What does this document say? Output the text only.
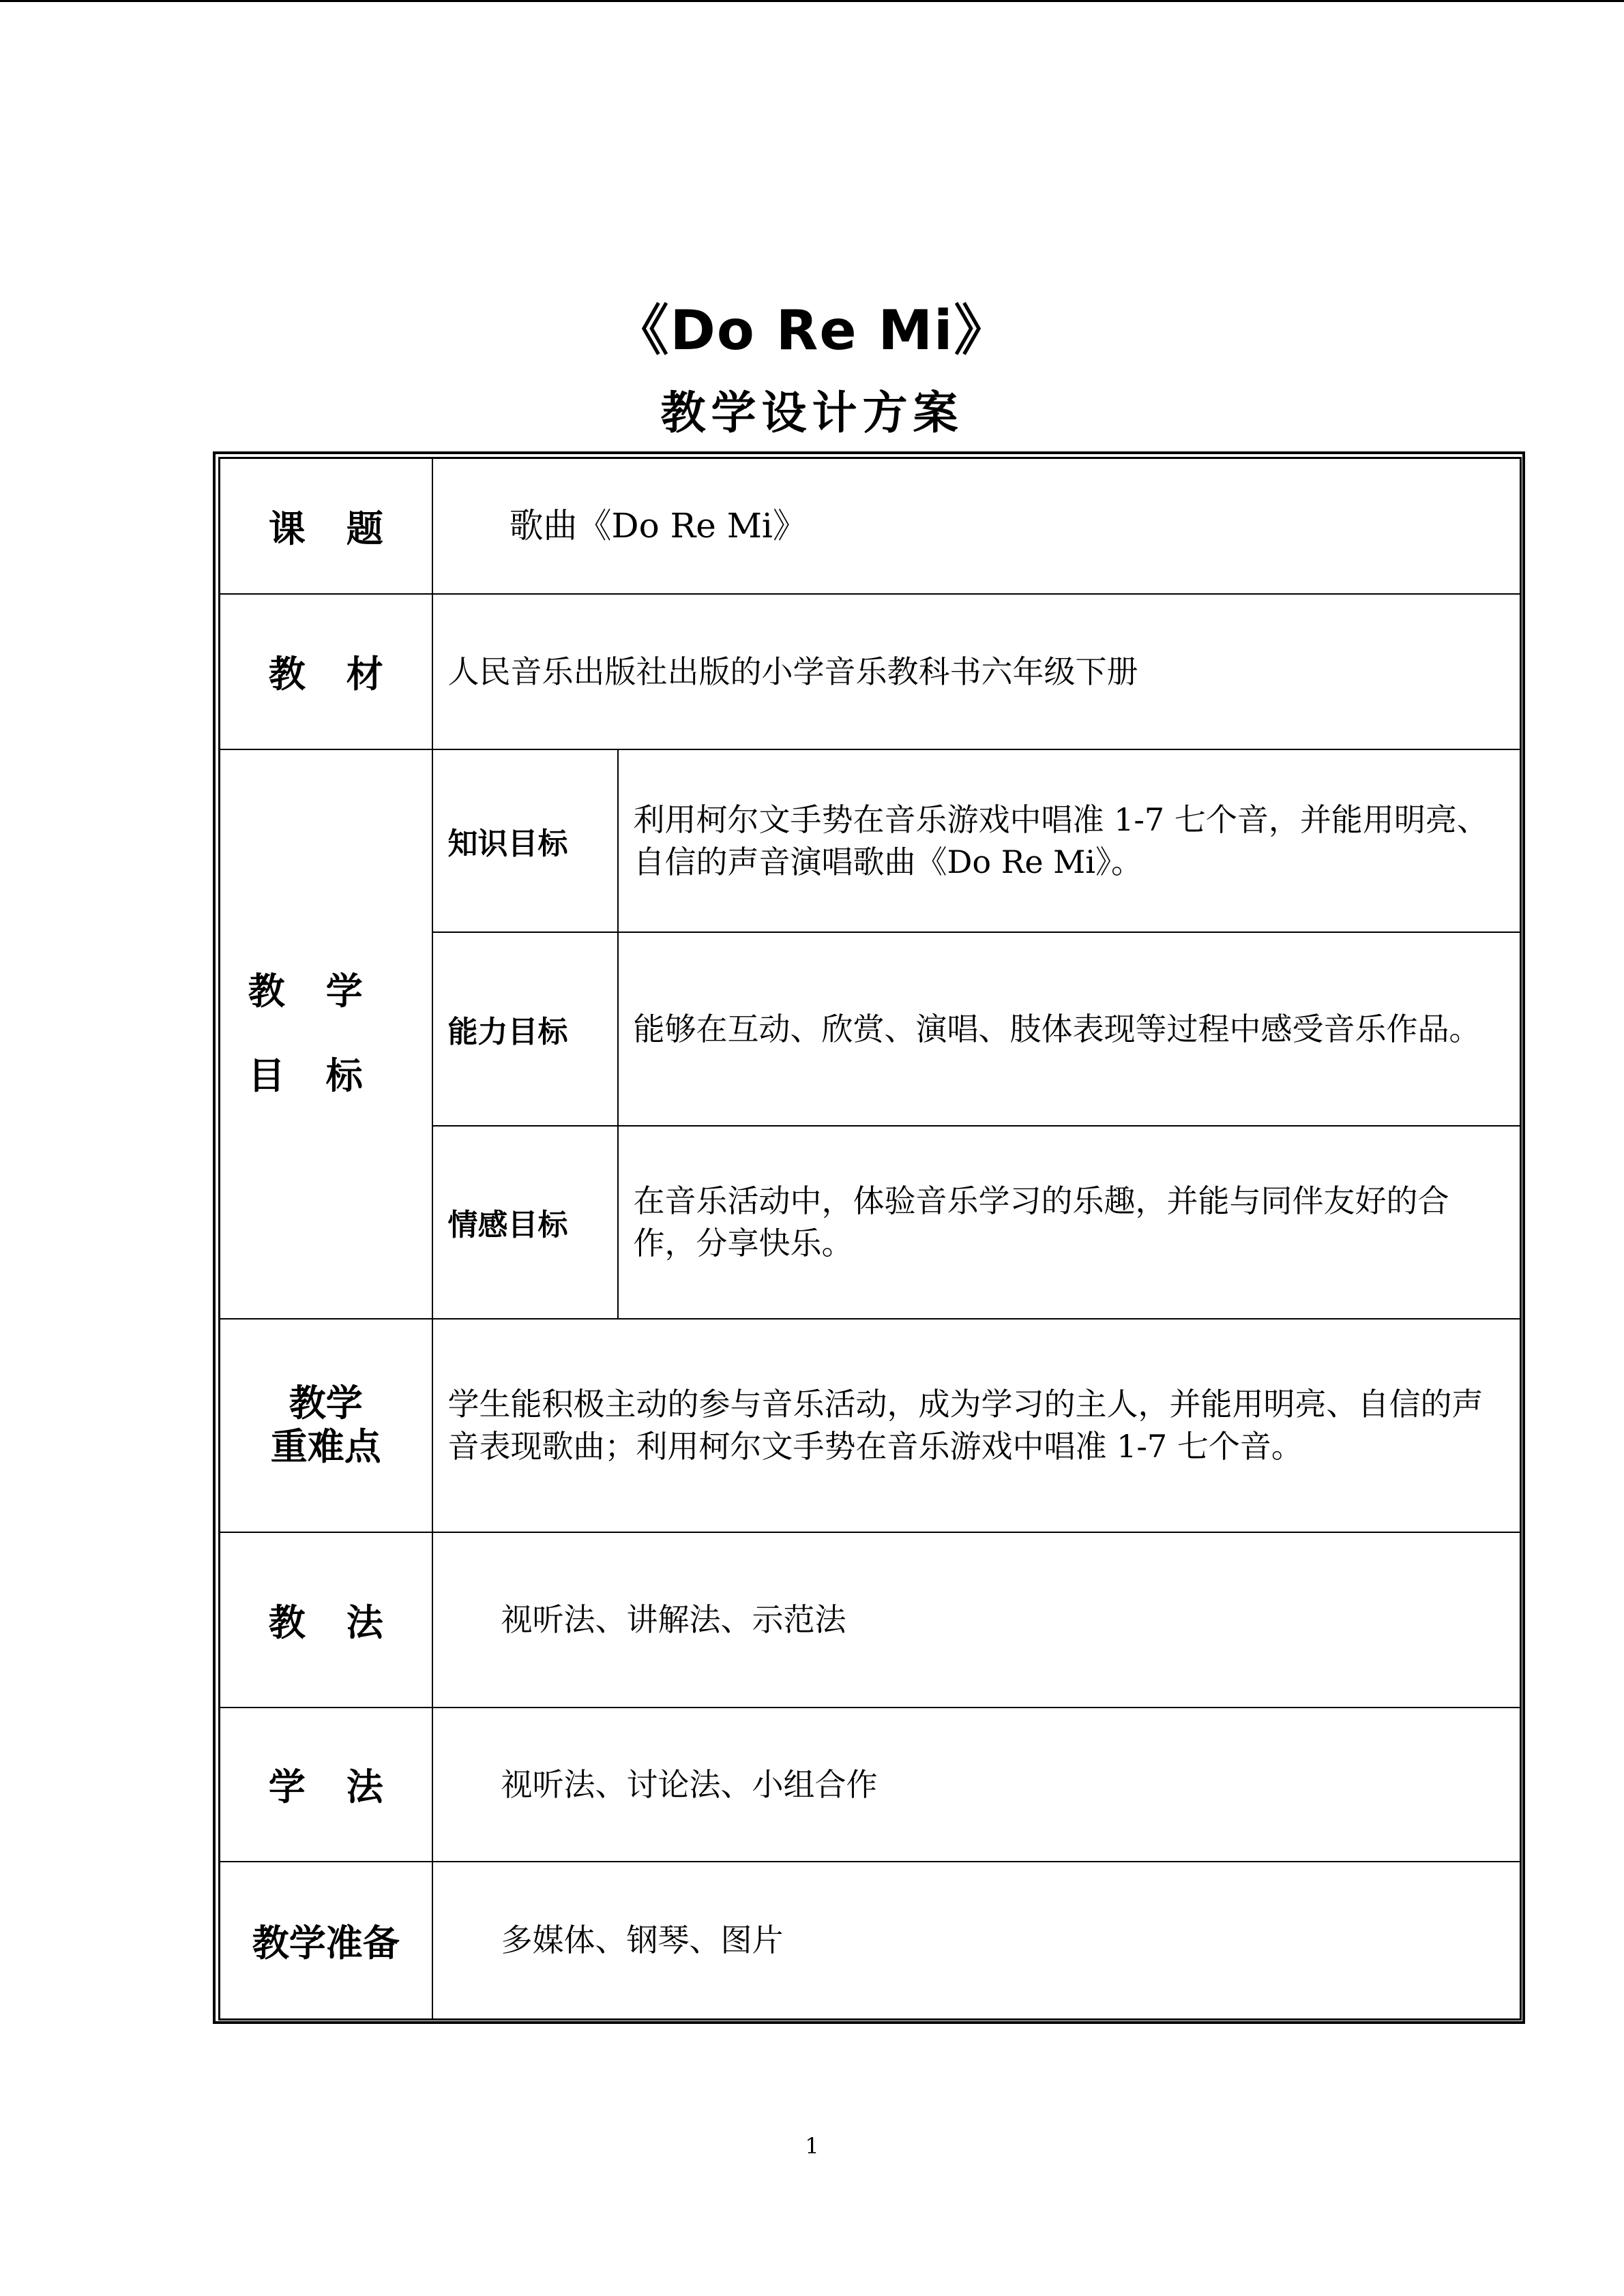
《Do Re Mi》
教学设计方案
课题	歌曲《Do Re Mi》	
教材	人民音乐出版社出版的小学音乐教科书六年级下册	

教学
目标	知识目标	利用柯尔文手势在音乐游戏中唱准 1-7 七个音，并能用明亮、自信的声音演唱歌曲《Do Re Mi》。
	能力目标	能够在互动、欣赏、演唱、肢体表现等过程中感受音乐作品。
	情感目标	在音乐活动中，体验音乐学习的乐趣，并能与同伴友好的合作，分享快乐。

教学
重难点	学生能积极主动的参与音乐活动，成为学习的主人，并能用明亮、自信的声音表现歌曲；利用柯尔文手势在音乐游戏中唱准 1-7 七个音。	
教法	视听法、讲解法、示范法	
学法	视听法、讨论法、小组合作	
教学准备	多媒体、钢琴、图片	
1
